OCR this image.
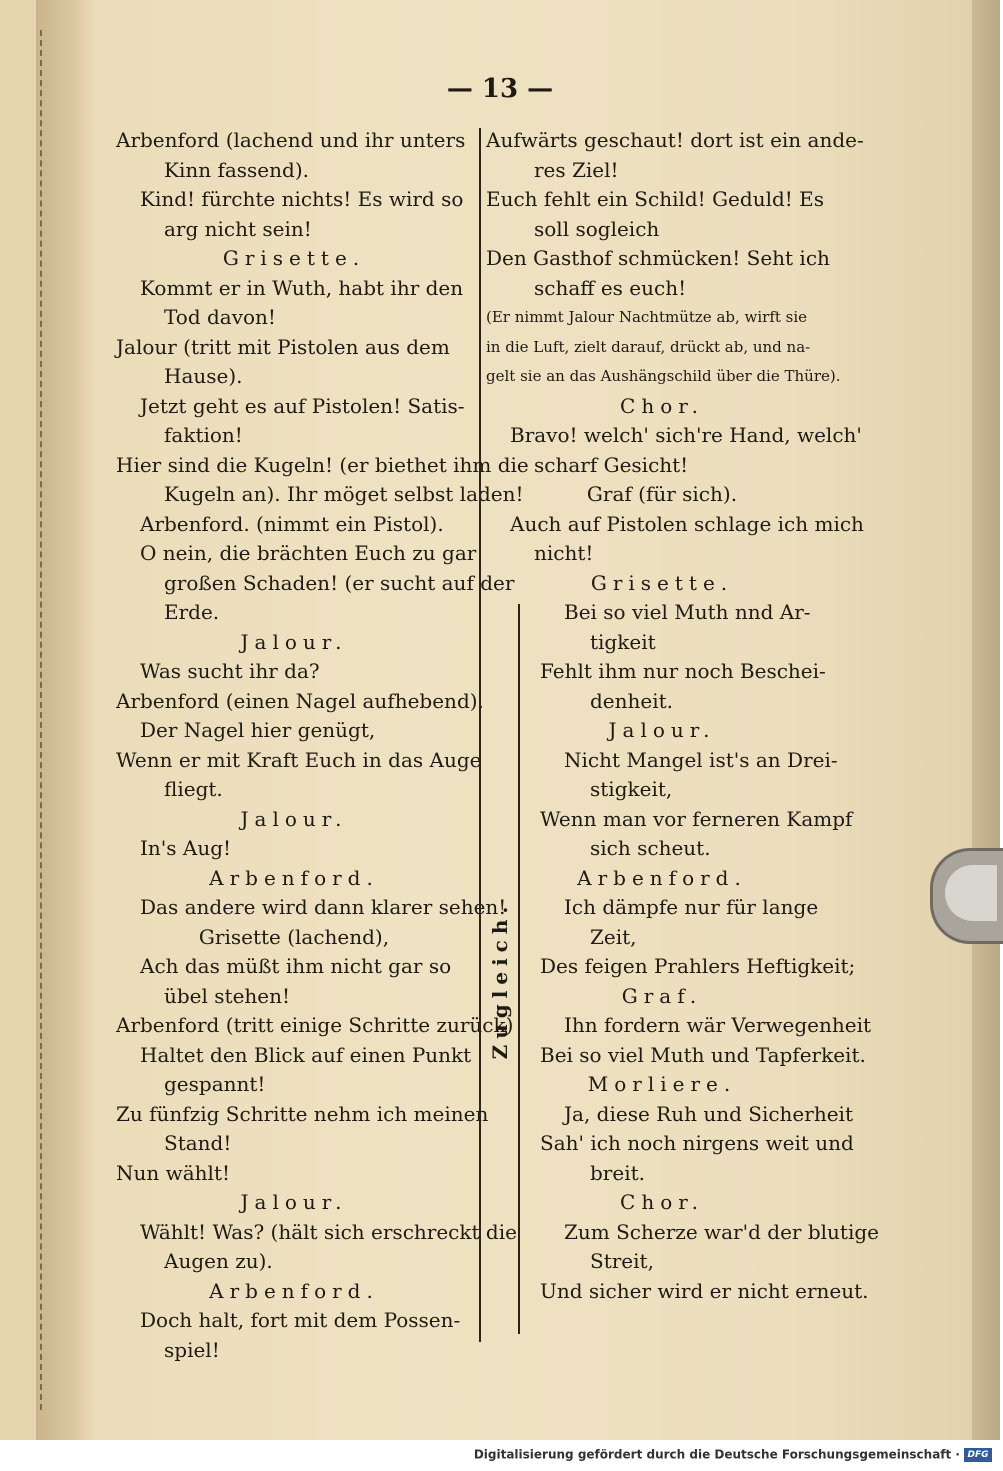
— 13 —
Arbenford (lachend und ihr unters
Kinn fassend).
Kind! fürchte nichts! Es wird so
arg nicht sein!
Grisette.
Kommt er in Wuth, habt ihr den
Tod davon!
Jalour (tritt mit Pistolen aus dem
Hause).
Jetzt geht es auf Pistolen! Satis-
faktion!
Hier sind die Kugeln! (er biethet ihm die
Kugeln an). Ihr möget selbst laden!
Arbenford. (nimmt ein Pistol).
O nein, die brächten Euch zu gar
großen Schaden! (er sucht auf der
Erde.
Jalour.
Was sucht ihr da?
Arbenford (einen Nagel aufhebend).
Der Nagel hier genügt,
Wenn er mit Kraft Euch in das Auge
fliegt.
Jalour.
In's Aug!
Arbenford.
Das andere wird dann klarer sehen!
Grisette (lachend),
Ach das müßt ihm nicht gar so
übel stehen!
Arbenford (tritt einige Schritte zurück)
Haltet den Blick auf einen Punkt
gespannt!
Zu fünfzig Schritte nehm ich meinen
Stand!
Nun wählt!
Jalour.
Wählt! Was? (hält sich erschreckt die
Augen zu).
Arbenford.
Doch halt, fort mit dem Possen-
spiel!
Aufwärts geschaut! dort ist ein ande-
res Ziel!
Euch fehlt ein Schild! Geduld! Es
soll sogleich
Den Gasthof schmücken! Seht ich
schaff es euch!
(Er nimmt Jalour Nachtmütze ab, wirft sie
in die Luft, zielt darauf, drückt ab, und na-
gelt sie an das Aushängschild über die Thüre).
Chor.
Bravo! welch' sich're Hand, welch'
scharf Gesicht!
Graf (für sich).
Auch auf Pistolen schlage ich mich
nicht!
Grisette.
Bei so viel Muth nnd Ar-
tigkeit
Fehlt ihm nur noch Beschei-
denheit.
Jalour.
Nicht Mangel ist's an Drei-
stigkeit,
Wenn man vor ferneren Kampf
sich scheut.
Arbenford.
Ich dämpfe nur für lange
Zeit,
Des feigen Prahlers Heftigkeit;
Graf.
Ihn fordern wär Verwegenheit
Bei so viel Muth und Tapferkeit.
Morliere.
Ja, diese Ruh und Sicherheit
Sah' ich noch nirgens weit und
breit.
Chor.
Zum Scherze war'd der blutige
Streit,
Und sicher wird er nicht erneut.
Zugleich.
Digitalisierung gefördert durch die Deutsche Forschungsgemeinschaft · DFG
